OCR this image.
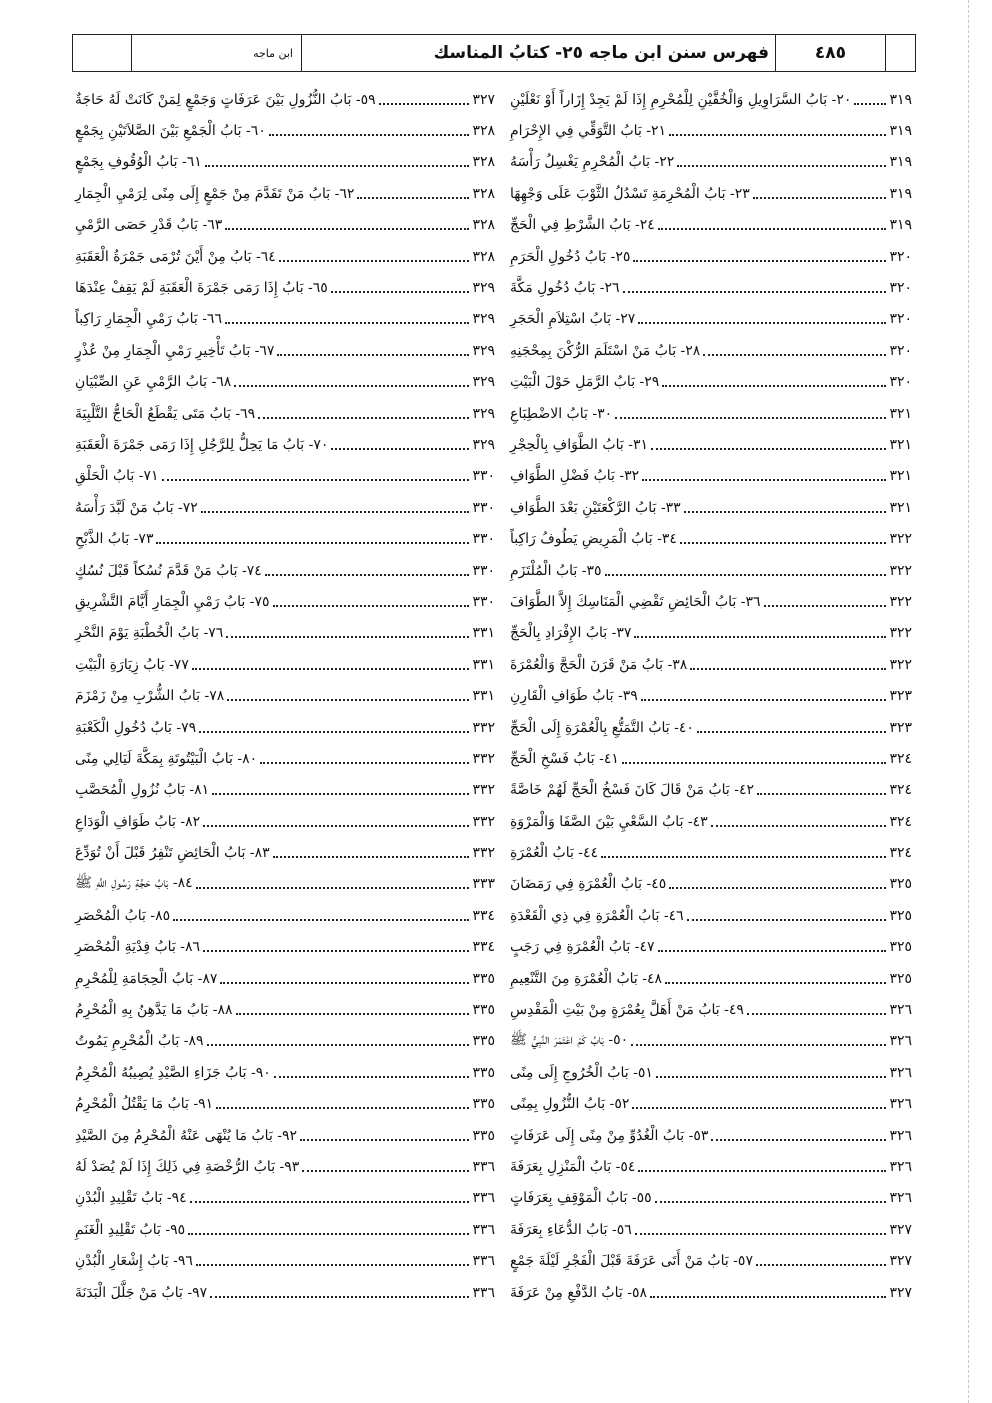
٤٨٥
فهرس سنن ابن ماجه ٢٥- كتابُ المناسك
ابن ماجه
٢٠- بَابُ السَّرَاوِيلِ وَالْخُفَّيْنِ لِلْمُحْرِمِ إِذَا لَمْ يَجِدْ إِزَاراً أَوْ نَعْلَيْنِ	٣١٩
٢١- بَابُ التَّوَقِّي فِي الإِحْرَامِ	٣١٩
٢٢- بَابُ الْمُحْرِمِ يَغْسِلُ رَأْسَهُ	٣١٩
٢٣- بَابُ الْمُحْرِمَةِ تَسْدُلُ الثَّوْبَ عَلَى وَجْهِهَا	٣١٩
٢٤- بَابُ الشَّرْطِ فِي الْحَجِّ	٣١٩
٢٥- بَابُ دُخُولِ الْحَرَمِ	٣٢٠
٢٦- بَابُ دُخُولِ مَكَّةَ	٣٢٠
٢٧- بَابُ اسْتِلاَمِ الْحَجَرِ	٣٢٠
٢٨- بَابُ مَنْ اسْتَلَمَ الرُّكْنَ بِمِحْجَنِهِ	٣٢٠
٢٩- بَابُ الرَّمَلِ حَوْلَ الْبَيْتِ	٣٢٠
٣٠- بَابُ الاضْطِبَاعِ	٣٢١
٣١- بَابُ الطَّوَافِ بِالْحِجْرِ	٣٢١
٣٢- بَابُ فَضْلِ الطَّوَافِ	٣٢١
٣٣- بَابُ الرَّكْعَتَيْنِ بَعْدَ الطَّوَافِ	٣٢١
٣٤- بَابُ الْمَرِيضِ يَطُوفُ رَاكِباً	٣٢٢
٣٥- بَابُ الْمُلْتَزَمِ	٣٢٢
٣٦- بَابُ الْحَائِضِ تَقْضِي الْمَنَاسِكَ إِلاَّ الطَّوَافَ	٣٢٢
٣٧- بَابُ الإِفْرَادِ بِالْحَجِّ	٣٢٢
٣٨- بَابُ مَنْ قَرَنَ الْحَجَّ وَالْعُمْرَةَ	٣٢٢
٣٩- بَابُ طَوَافِ الْقَارِنِ	٣٢٣
٤٠- بَابُ التَّمَتُّعِ بِالْعُمْرَةِ إِلَى الْحَجِّ	٣٢٣
٤١- بَابُ فَسْخِ الْحَجِّ	٣٢٤
٤٢- بَابُ مَنْ قَالَ كَانَ فَسْخُ الْحَجِّ لَهُمْ خَاصَّةً	٣٢٤
٤٣- بَابُ السَّعْيِ بَيْنَ الصَّفَا وَالْمَرْوَةِ	٣٢٤
٤٤- بَابُ الْعُمْرَةِ	٣٢٤
٤٥- بَابُ الْعُمْرَةِ فِي رَمَضَانَ	٣٢٥
٤٦- بَابُ الْعُمْرَةِ فِي ذِي الْقَعْدَةِ	٣٢٥
٤٧- بَابُ الْعُمْرَةِ فِي رَجَبٍ	٣٢٥
٤٨- بَابُ الْعُمْرَةِ مِنَ التَّنْعِيمِ	٣٢٥
٤٩- بَابُ مَنْ أَهَلَّ بِعُمْرَةٍ مِنْ بَيْتِ الْمَقْدِسِ	٣٢٦
٥٠- بَابُ كَمْ اعْتَمَرَ النَّبِيُّ ﷺ	٣٢٦
٥١- بَابُ الْخُرُوجِ إِلَى مِنًى	٣٢٦
٥٢- بَابُ النُّزُولِ بِمِنًى	٣٢٦
٥٣- بَابُ الْغُدُوِّ مِنْ مِنًى إِلَى عَرَفَاتٍ	٣٢٦
٥٤- بَابُ الْمَنْزِلِ بِعَرَفَةَ	٣٢٦
٥٥- بَابُ الْمَوْقِفِ بِعَرَفَاتٍ	٣٢٦
٥٦- بَابُ الدُّعَاءِ بِعَرَفَةَ	٣٢٧
٥٧- بَابُ مَنْ أَتَى عَرَفَةَ قَبْلَ الْفَجْرِ لَيْلَةَ جَمْعٍ	٣٢٧
٥٨- بَابُ الدَّفْعِ مِنْ عَرَفَةَ	٣٢٧
٥٩- بَابُ النُّزُولِ بَيْنَ عَرَفَاتٍ وَجَمْعٍ لِمَنْ كَانَتْ لَهُ حَاجَةٌ	٣٢٧
٦٠- بَابُ الْجَمْعِ بَيْنَ الصَّلاَتَيْنِ بِجَمْعٍ	٣٢٨
٦١- بَابُ الْوُقُوفِ بِجَمْعٍ	٣٢٨
٦٢- بَابُ مَنْ تَقَدَّمَ مِنْ جَمْعٍ إِلَى مِنًى لِرَمْيِ الْجِمَارِ	٣٢٨
٦٣- بَابُ قَدْرِ حَصَى الرَّمْيِ	٣٢٨
٦٤- بَابُ مِنْ أَيْنَ تُرْمَى جَمْرَةُ الْعَقَبَةِ	٣٢٨
٦٥- بَابُ إِذَا رَمَى جَمْرَةَ الْعَقَبَةِ لَمْ يَقِفْ عِنْدَهَا	٣٢٩
٦٦- بَابُ رَمْيِ الْجِمَارِ رَاكِباً	٣٢٩
٦٧- بَابُ تَأْخِيرِ رَمْيِ الْجِمَارِ مِنْ عُذْرٍ	٣٢٩
٦٨- بَابُ الرَّمْيِ عَنِ الصِّبْيَانِ	٣٢٩
٦٩- بَابُ مَتَى يَقْطَعُ الْحَاجُّ التَّلْبِيَةَ	٣٢٩
٧٠- بَابُ مَا يَحِلُّ لِلرَّجُلِ إِذَا رَمَى جَمْرَةَ الْعَقَبَةِ	٣٢٩
٧١- بَابُ الْحَلْقِ	٣٣٠
٧٢- بَابُ مَنْ لَبَّدَ رَأْسَهُ	٣٣٠
٧٣- بَابُ الذَّبْحِ	٣٣٠
٧٤- بَابُ مَنْ قَدَّمَ نُسُكاً قَبْلَ نُسُكٍ	٣٣٠
٧٥- بَابُ رَمْيِ الْجِمَارِ أَيَّامَ التَّشْرِيقِ	٣٣٠
٧٦- بَابُ الْخُطْبَةِ يَوْمَ النَّحْرِ	٣٣١
٧٧- بَابُ زِيَارَةِ الْبَيْتِ	٣٣١
٧٨- بَابُ الشُّرْبِ مِنْ زَمْزَمَ	٣٣١
٧٩- بَابُ دُخُولِ الْكَعْبَةِ	٣٣٢
٨٠- بَابُ الْبَيْتُوتَةِ بِمَكَّةَ لَيَالِي مِنًى	٣٣٢
٨١- بَابُ نُزُولِ الْمُحَصَّبِ	٣٣٢
٨٢- بَابُ طَوَافِ الْوَدَاعِ	٣٣٢
٨٣- بَابُ الْحَائِضِ تَنْفِرُ قَبْلَ أَنْ تُوَدِّعَ	٣٣٢
٨٤- بَابُ حَجَّةِ رَسُولِ اللَّهِ ﷺ	٣٣٣
٨٥- بَابُ الْمُحْصَرِ	٣٣٤
٨٦- بَابُ فِدْيَةِ الْمُحْصَرِ	٣٣٤
٨٧- بَابُ الْحِجَامَةِ لِلْمُحْرِمِ	٣٣٥
٨٨- بَابُ مَا يَدَّهِنُ بِهِ الْمُحْرِمُ	٣٣٥
٨٩- بَابُ الْمُحْرِمِ يَمُوتُ	٣٣٥
٩٠- بَابُ جَزَاءِ الصَّيْدِ يُصِيبُهُ الْمُحْرِمُ	٣٣٥
٩١- بَابُ مَا يَقْتُلُ الْمُحْرِمُ	٣٣٥
٩٢- بَابُ مَا يُنْهَى عَنْهُ الْمُحْرِمُ مِنَ الصَّيْدِ	٣٣٥
٩٣- بَابُ الرُّخْصَةِ فِي ذَلِكَ إِذَا لَمْ يُصَدْ لَهُ	٣٣٦
٩٤- بَابُ تَقْلِيدِ الْبُدْنِ	٣٣٦
٩٥- بَابُ تَقْلِيدِ الْغَنَمِ	٣٣٦
٩٦- بَابُ إِشْعَارِ الْبُدْنِ	٣٣٦
٩٧- بَابُ مَنْ جَلَّلَ الْبَدَنَةَ	٣٣٦
